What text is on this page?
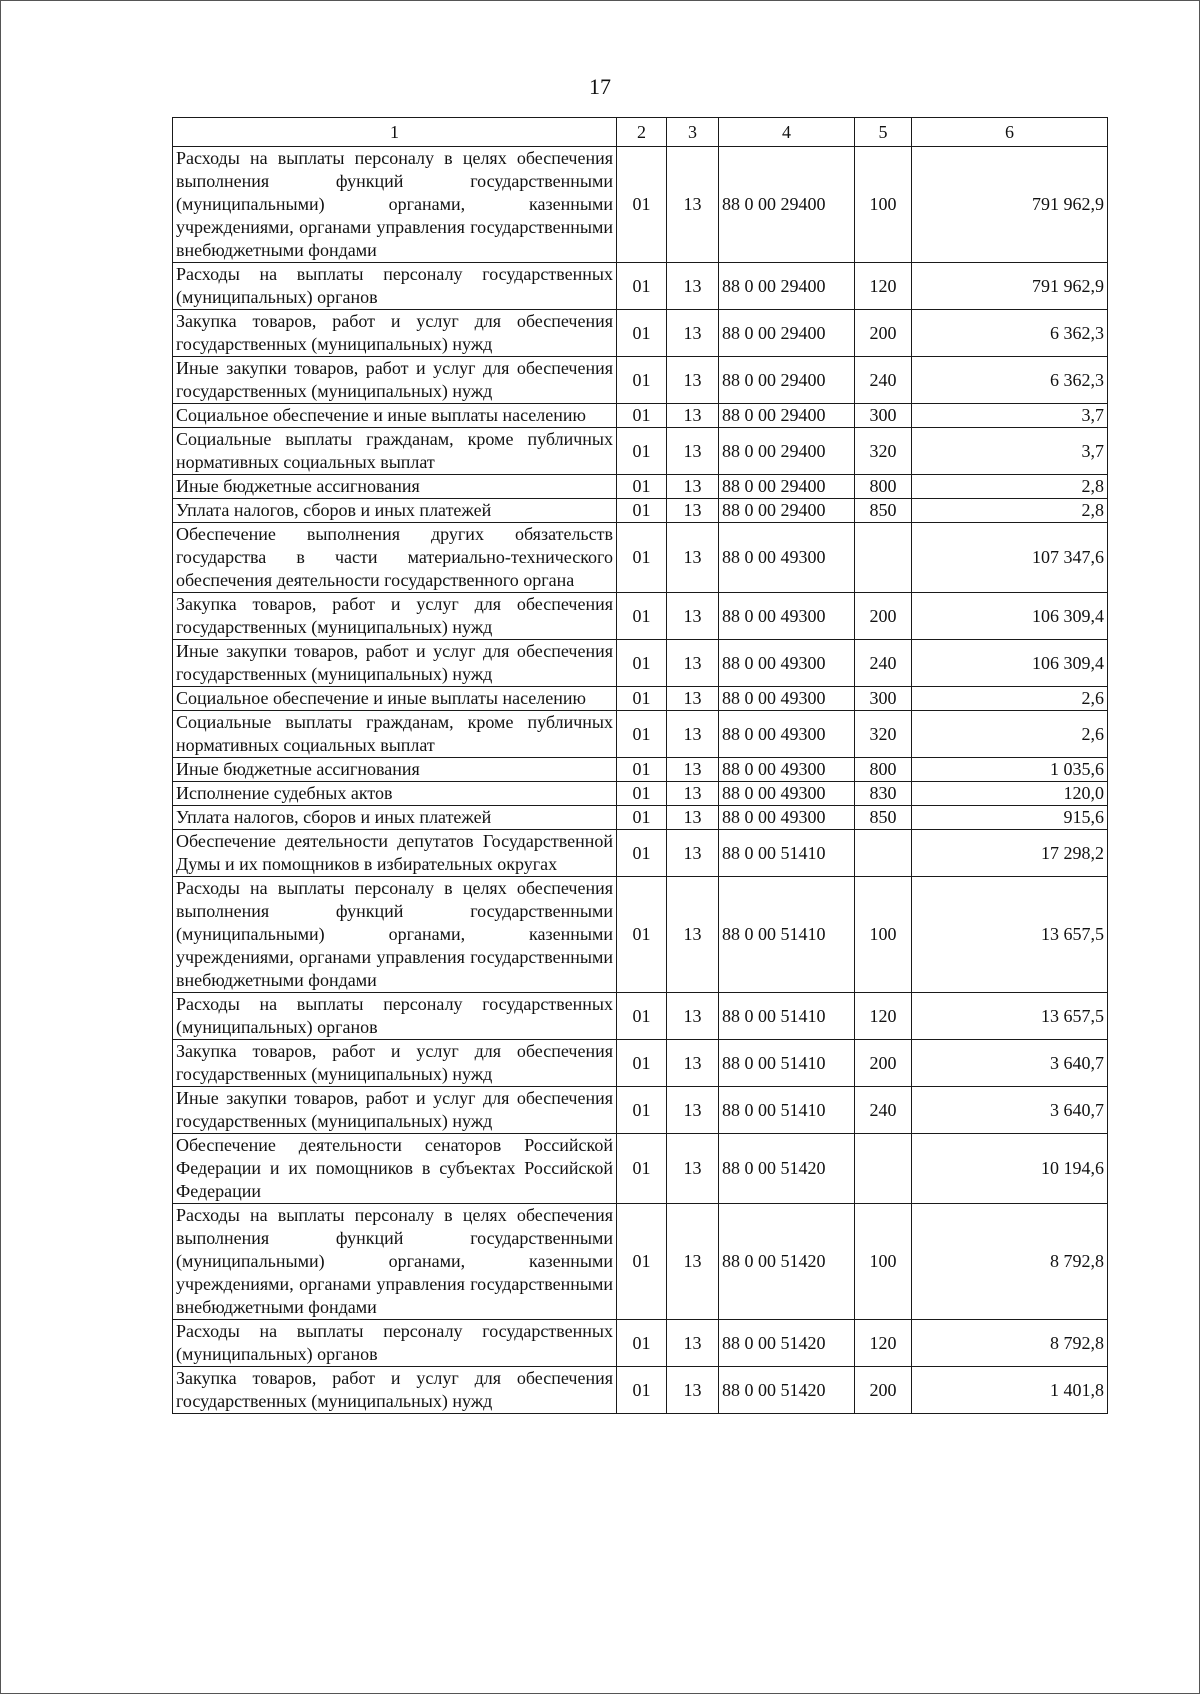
17
1	2	3	4	5	6
Расходы на выплаты персоналу в целях обеспечения выполнения функций государственными (муниципальными) органами, казенными учреждениями, органами управления государственными внебюджетными фондами	01	13	88 0 00 29400	100	791 962,9
Расходы на выплаты персоналу государственных (муниципальных) органов	01	13	88 0 00 29400	120	791 962,9
Закупка товаров, работ и услуг для обеспечения государственных (муниципальных) нужд	01	13	88 0 00 29400	200	6 362,3
Иные закупки товаров, работ и услуг для обеспечения государственных (муниципальных) нужд	01	13	88 0 00 29400	240	6 362,3
Социальное обеспечение и иные выплаты населению	01	13	88 0 00 29400	300	3,7
Социальные выплаты гражданам, кроме публичных нормативных социальных выплат	01	13	88 0 00 29400	320	3,7
Иные бюджетные ассигнования	01	13	88 0 00 29400	800	2,8
Уплата налогов, сборов и иных платежей	01	13	88 0 00 29400	850	2,8
Обеспечение выполнения других обязательств государства в части материально-технического обеспечения деятельности государственного органа	01	13	88 0 00 49300		107 347,6
Закупка товаров, работ и услуг для обеспечения государственных (муниципальных) нужд	01	13	88 0 00 49300	200	106 309,4
Иные закупки товаров, работ и услуг для обеспечения государственных (муниципальных) нужд	01	13	88 0 00 49300	240	106 309,4
Социальное обеспечение и иные выплаты населению	01	13	88 0 00 49300	300	2,6
Социальные выплаты гражданам, кроме публичных нормативных социальных выплат	01	13	88 0 00 49300	320	2,6
Иные бюджетные ассигнования	01	13	88 0 00 49300	800	1 035,6
Исполнение судебных актов	01	13	88 0 00 49300	830	120,0
Уплата налогов, сборов и иных платежей	01	13	88 0 00 49300	850	915,6
Обеспечение деятельности депутатов Государственной Думы и их помощников в избирательных округах	01	13	88 0 00 51410		17 298,2
Расходы на выплаты персоналу в целях обеспечения выполнения функций государственными (муниципальными) органами, казенными учреждениями, органами управления государственными внебюджетными фондами	01	13	88 0 00 51410	100	13 657,5
Расходы на выплаты персоналу государственных (муниципальных) органов	01	13	88 0 00 51410	120	13 657,5
Закупка товаров, работ и услуг для обеспечения государственных (муниципальных) нужд	01	13	88 0 00 51410	200	3 640,7
Иные закупки товаров, работ и услуг для обеспечения государственных (муниципальных) нужд	01	13	88 0 00 51410	240	3 640,7
Обеспечение деятельности сенаторов Российской Федерации и их помощников в субъектах Российской Федерации	01	13	88 0 00 51420		10 194,6
Расходы на выплаты персоналу в целях обеспечения выполнения функций государственными (муниципальными) органами, казенными учреждениями, органами управления государственными внебюджетными фондами	01	13	88 0 00 51420	100	8 792,8
Расходы на выплаты персоналу государственных (муниципальных) органов	01	13	88 0 00 51420	120	8 792,8
Закупка товаров, работ и услуг для обеспечения государственных (муниципальных) нужд	01	13	88 0 00 51420	200	1 401,8
